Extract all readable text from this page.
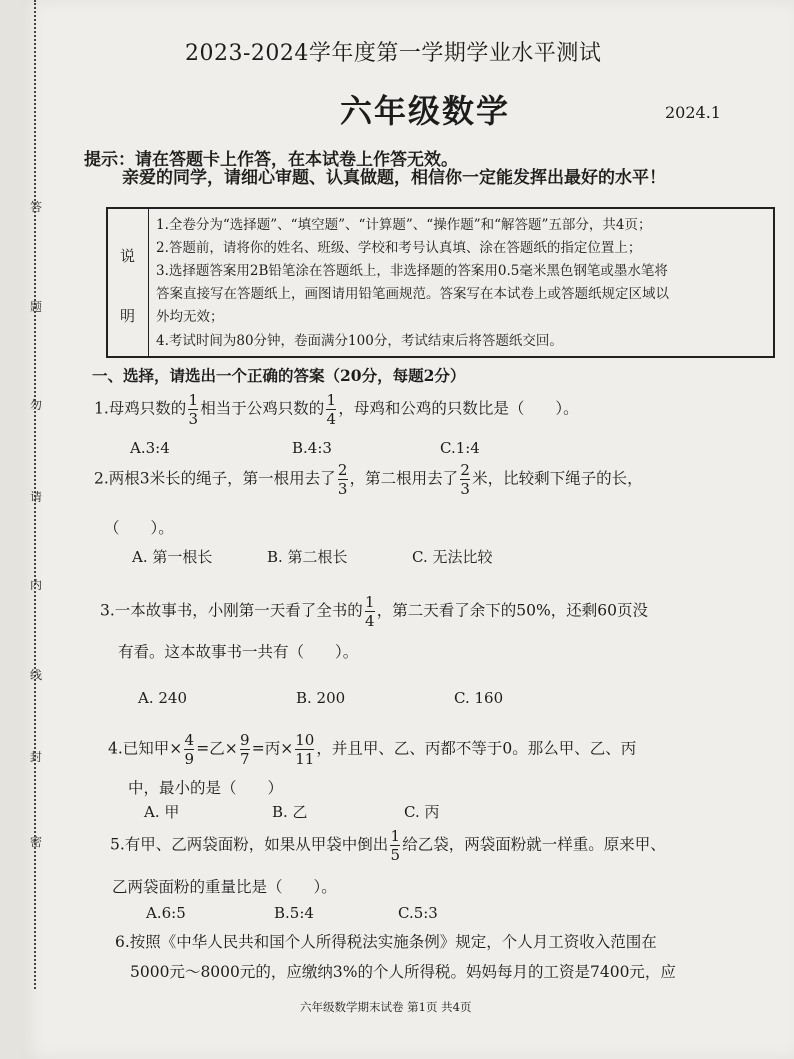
答
题
勿
请
内
线
封
密
2023-2024学年度第一学期学业水平测试
六年级数学	2024.1
提示：请在答题卡上作答，在本试卷上作答无效。
亲爱的同学，请细心审题、认真做题，相信你一定能发挥出最好的水平！
说
明
1.全卷分为“选择题”、“填空题”、“计算题”、“操作题”和“解答题”五部分，共4页；
2.答题前，请将你的姓名、班级、学校和考号认真填、涂在答题纸的指定位置上；
3.选择题答案用2B铅笔涂在答题纸上，非选择题的答案用0.5毫米黑色钢笔或墨水笔将
答案直接写在答题纸上，画图请用铅笔画规范。答案写在本试卷上或答题纸规定区域以
外均无效；
4.考试时间为80分钟，卷面满分100分，考试结束后将答题纸交回。
一、选择，请选出一个正确的答案（20分，每题2分）
1.母鸡只数的 $\frac{1}{3}$ 相当于公鸡只数的 $\frac{1}{4}$ ，母鸡和公鸡的只数比是（　　）。
A.3:4	B.4:3	C.1:4
2.两根3米长的绳子，第一根用去了 $\frac{2}{3}$ ，第二根用去了 $\frac{2}{3}$ 米，比较剩下绳子的长，
（　　）。
A. 第一根长	B. 第二根长	C. 无法比较
3.一本故事书，小刚第一天看了全书的 $\frac{1}{4}$ ，第二天看了余下的50%，还剩60页没
有看。这本故事书一共有（　　）。
A. 240	B. 200	C. 160
4.已知甲× $\frac{4}{9}$ =乙× $\frac{9}{7}$ =丙× $\frac{10}{11}$ ，并且甲、乙、丙都不等于0。那么甲、乙、丙
中，最小的是（　　）
A. 甲	B. 乙	C. 丙
5.有甲、乙两袋面粉，如果从甲袋中倒出 $\frac{1}{5}$ 给乙袋，两袋面粉就一样重。原来甲、
乙两袋面粉的重量比是（　　）。
A.6:5	B.5:4	C.5:3
6.按照《中华人民共和国个人所得税法实施条例》规定，个人月工资收入范围在
5000元～8000元的，应缴纳3%的个人所得税。妈妈每月的工资是7400元，应
六年级数学期末试卷 第1页 共4页
